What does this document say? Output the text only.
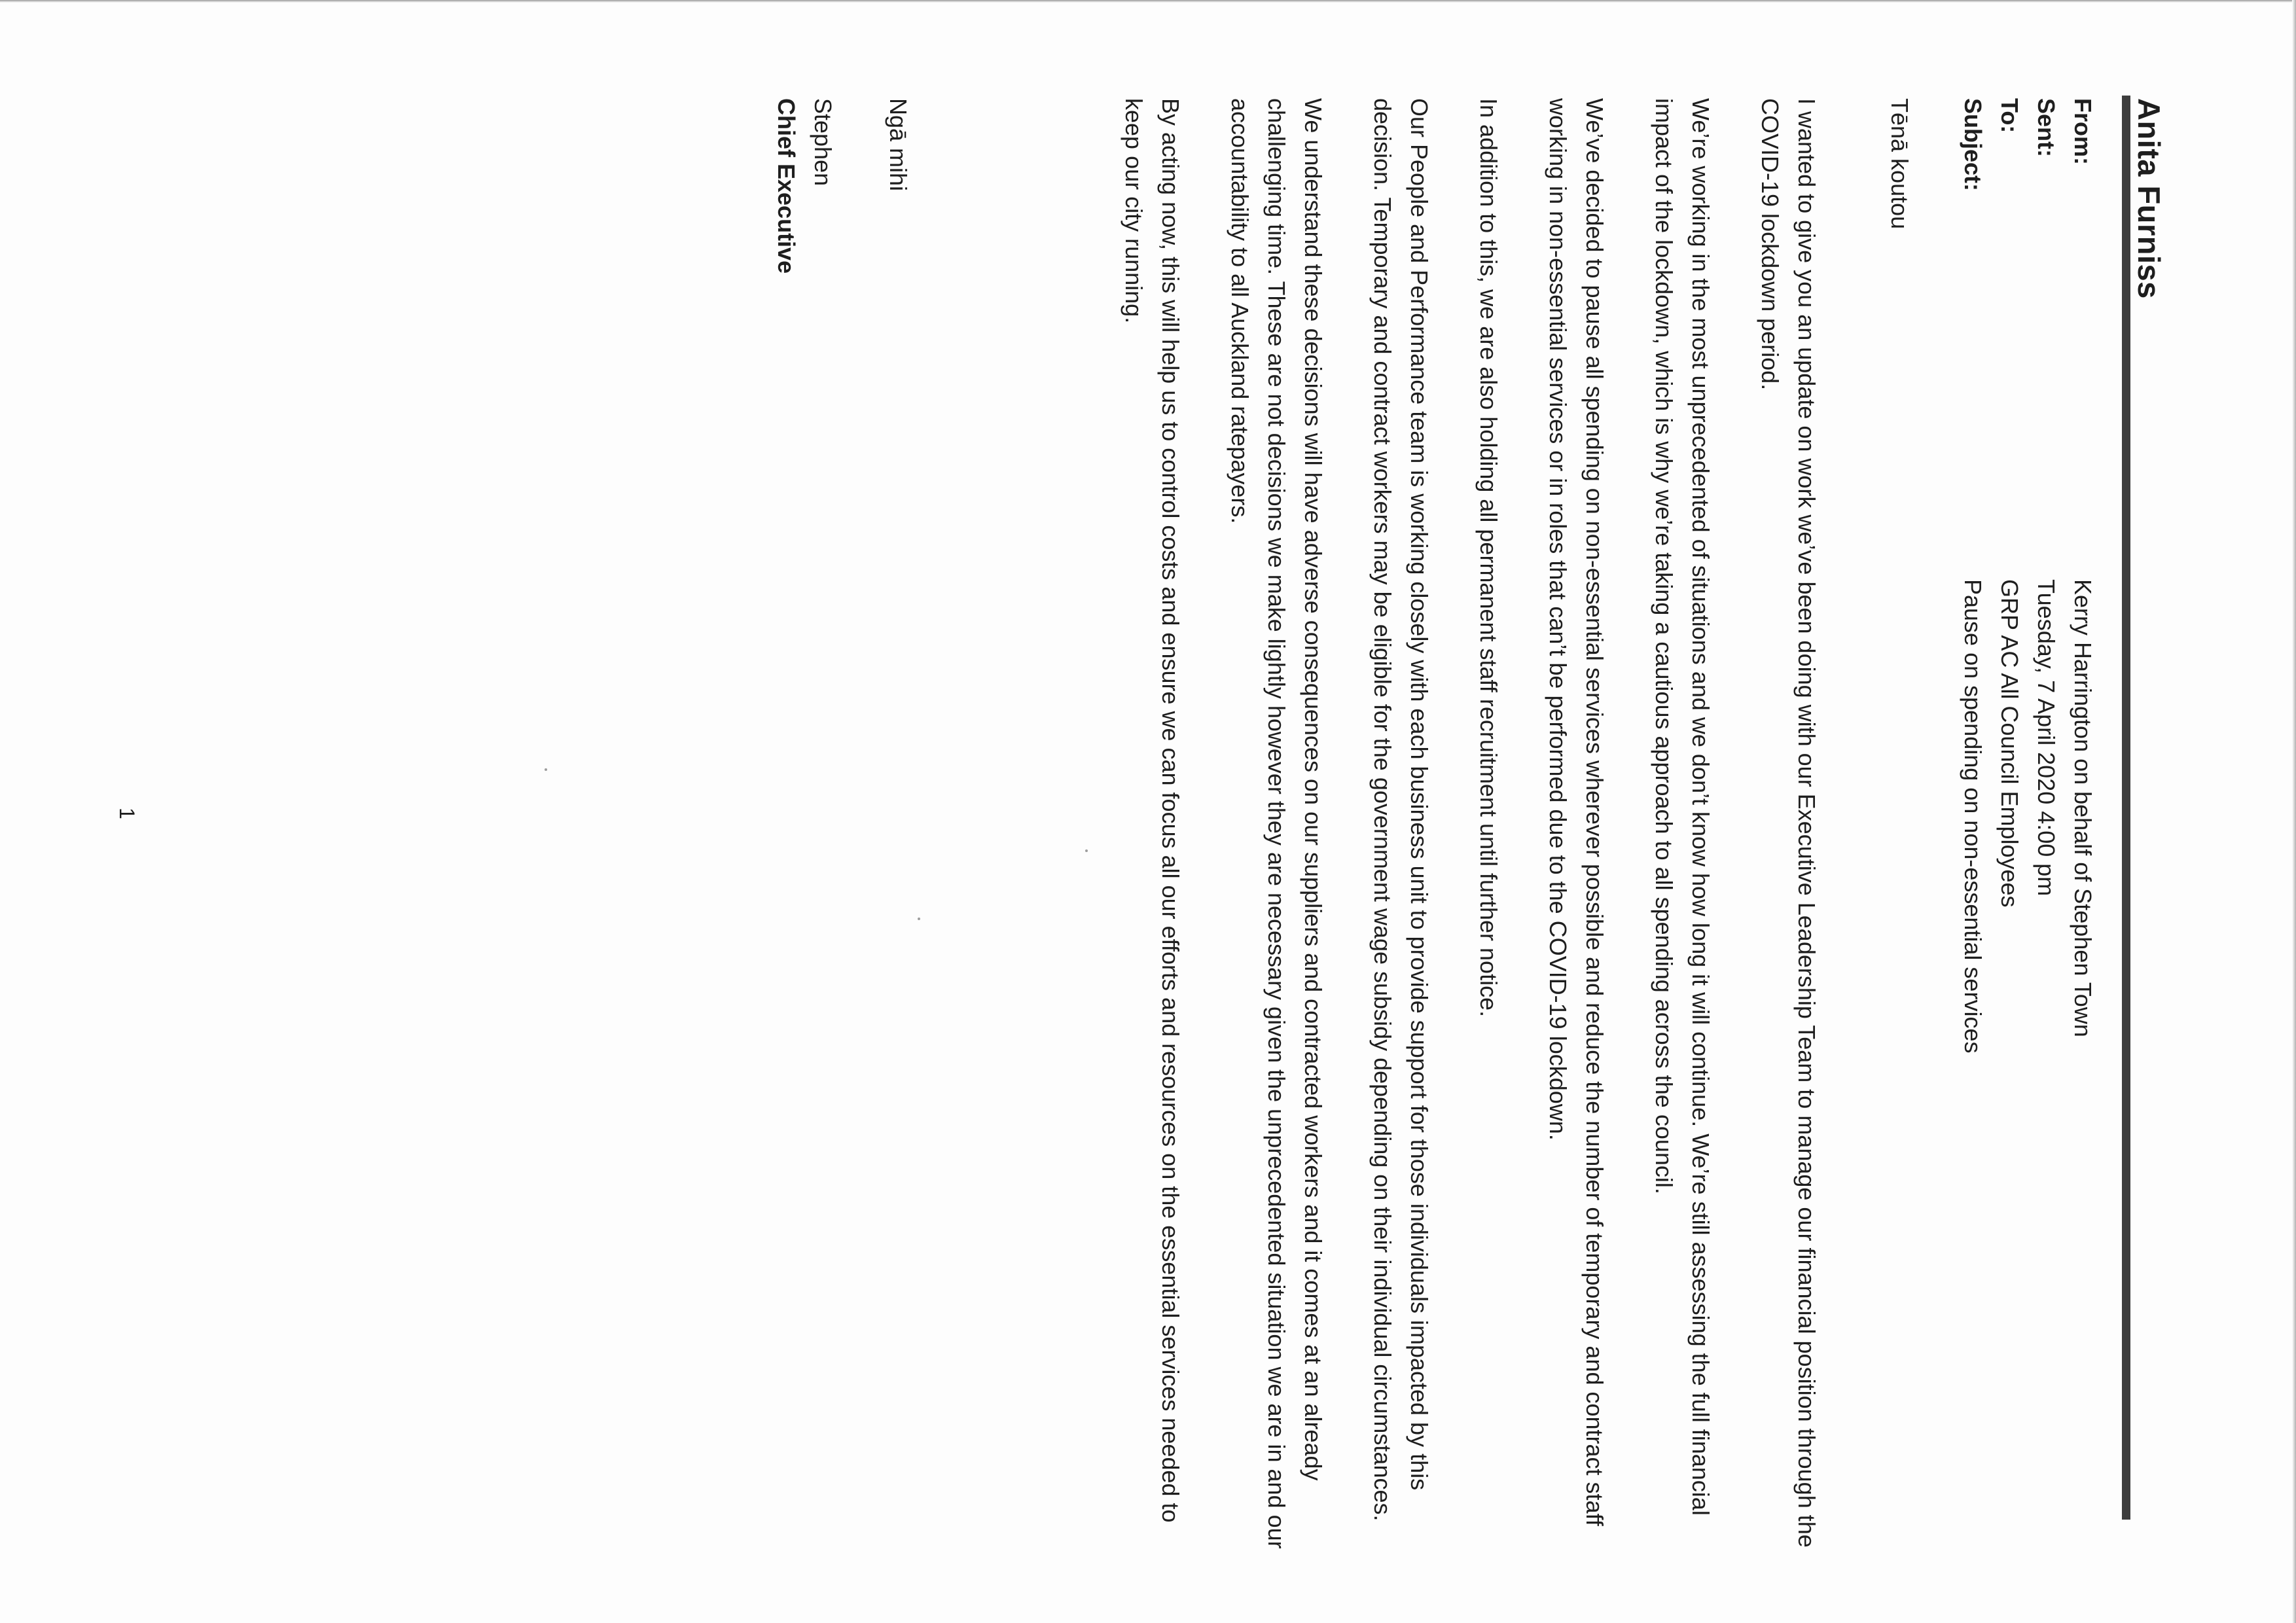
Anita Furniss
From:Kerry Harrington on behalf of Stephen Town
Sent:Tuesday, 7 April 2020 4:00 pm
To:GRP AC All Council Employees
Subject:Pause on spending on non-essential services
Tēnā koutou

I wanted to give you an update on work we’ve been doing with our Executive Leadership Team to manage our financial position through the COVID-19 lockdown period.

We’re working in the most unprecedented of situations and we don’t know how long it will continue. We’re still assessing the full financial impact of the lockdown, which is why we’re taking a cautious approach to all spending across the council.

We’ve decided to pause all spending on non-essential services wherever possible and reduce the number of temporary and contract staff working in non-essential services or in roles that can’t be performed due to the COVID-19 lockdown.

In addition to this, we are also holding all permanent staff recruitment until further notice.

Our People and Performance team is working closely with each business unit to provide support for those individuals impacted by this decision. Temporary and contract workers may be eligible for the government wage subsidy depending on their individual circumstances.

We understand these decisions will have adverse consequences on our suppliers and contracted workers and it comes at an already challenging time. These are not decisions we make lightly however they are necessary given the unprecedented situation we are in and our accountability to all Auckland ratepayers.

By acting now, this will help us to control costs and ensure we can focus all our efforts and resources on the essential services needed to keep our city running.

Ngā mihi
Stephen
Chief Executive
1
